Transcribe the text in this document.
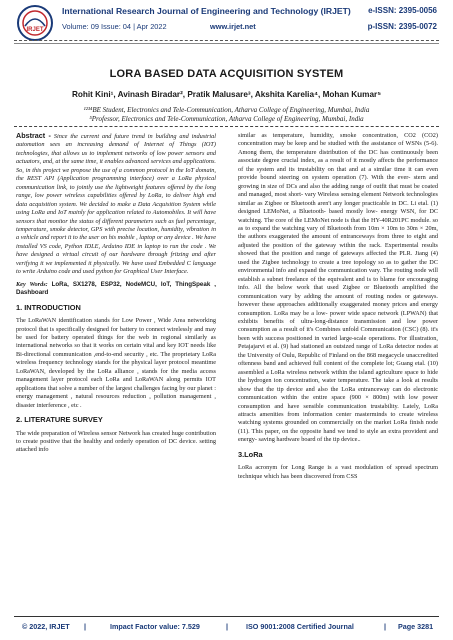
IRJET
International Research Journal of Engineering and Technology (IRJET) e-ISSN: 2395-0056
Volume: 09 Issue: 04 | Apr 2022	www.irjet.net	p-ISSN: 2395-0072
LORA BASED DATA ACQUISITION SYSTEM
Rohit Kini¹, Avinash Biradar², Pratik Malusare³, Akshita Karelia⁴, Mohan Kumar⁵
¹²³⁴BE Student, Electronics and Tele-Communication, Atharva College of Engineering, Mumbai, India
⁵Professor, Electronics and Tele-Communication, Atharva College of Engineering, Mumbai, India

Abstract - Since the current and future trend in building and industrial automation sees an increasing demand of Internet of Things (IOT) technologies, that allows us to implement networks of low power sensors and actuators, and, at the same time, it enables advanced services and applications. So, in this project we propose the use of a common protocol in the IoT domain, the REST API (Application programming interface) over a LoRa physical communication link, to jointly use the lightweight features offered by the long range, low power wireless capabilities offered by LoRa, to deliver high end data acquisition system. We decided to make a Data Acquisition System while using LoRa and IoT mainly for application related to Automobiles. It will have sensors that monitor the status of different parameters such as fuel percentage, temperature, smoke detector, GPS with precise location, humidity, vibration in a vehicle and report it to the user on his mobile , laptop or any device . We have installed VS code, Python IDLE, Arduino IDE in laptop to run the code . We have designed a virtual circuit of our hardware through fritzing and after verifying it we implemented it physically. We have used Embedded C language to write Arduino code and used python for Graphical User Interface.

Key Words: LoRa, SX1278, ESP32, NodeMCU, IoT, ThingSpeak , Dashboard

1. INTRODUCTION

The LoRaWAN identification stands for Low Power , Wide Area networking protocol that is specifically designed for battery to connect wirelessly and may be used for battery operated things for the web in regional similarly as international networks so that it works on certain vital and key IOT needs like Bi-directional communication ,end-to-end security , etc. The proprietary LoRa wireless frequency technology stands for the physical layer protocol meantime LoRaWAN, developed by the LoRa alliance , stands for the media access management layer protocol each LoRa and LoRaWAN along permits IOT applications that solve a number of the largest challenges facing by our planet : energy management , natural resources reduction , pollution management , disaster interference , etc .

2. LITERATURE SURVEY

The wide preparation of Wireless sensor Network has created huge contribution to create positive that the healthy and orderly operation of DC device. setting attached info

similar as temperature, humidity, smoke concentration, CO2 (CO2) concentration may be keep and be studied with the assistance of WSNs (5-6). Among them, the temperature distribution of the DC has continuously been associate degree crucial index, as a result of it mostly affects the performance of the system and its trustability on that and at a similar time it can even provide bound steering on system operation (7). With the ever- stern and growing in size of DCs and also the adding range of outfit that must be coated and managed, most short- vary Wireless sensing element Network technologies similar as Zigbee or Bluetooth aren't any longer practicable in DC. Li etal. (1) designed LEMoNet, a Bluetooth- based mostly low- energy WSN, for DC watching. The core of the LEMoNet node is that the HY-40R201PC module. so as to expand the watching vary of Bluetooth from 10m × 10m to 30m × 20m, the authors exaggerated the amount of entranceways from three to eight and adjusted the position of the gateway within the rack. Experimental results showed that the position and range of gateways affected the PLR. Jiang (4) used the Zigbee technology to create a tree topology so as to gather the DC environmental info and expand the communication vary. The routing node will establish a subnet freelance of the equivalent and is to blame for encouraging info. All the below work that used Zigbee or Bluetooth amplified the communication vary by adding the amount of routing nodes or gateways. however these approaches additionally exaggerated money prices and energy consumption. LoRa may be a low- power wide space network (LPWAN) that exhibits benefits of ultra-long-distance transmission and low power consumption as a result of it's Combines unfold Communication (CSC) (8). it's been with success positioned in varied large-scale operations. For illustration, Petajajarvi et al. (9) had stationed an outsized range of LoRa detector nodes at the University of Oulu, Republic of Finland on the 868 megacycle unaccredited oftenness band and achieved full content of the complete lot; Guang etal. (10) assembled a LoRa wireless network within the island agriculture space to hide the hydrogen ion concentration, water temperature. The take a look at results show that the tip device and also the LoRa entranceway can do electronic communication within the entire space (900 × 800m) with low power consumption and have sensible communication trustability. Lately, LoRa attracts amenities from information center masterminds to create wireless watching systems grounded on commercially on the market LoRa finish node (11). This paper, on the opposite hand we tend to style an extra provident and energy- saving hardware board of the tip device..

3.LoRa

LoRa acronym for Long Range is a vast modulation of spread spectrum technique which has been discovered from CSS

© 2022, IRJET |	Impact Factor value: 7.529	| ISO 9001:2008 Certified Journal	| Page 3281
